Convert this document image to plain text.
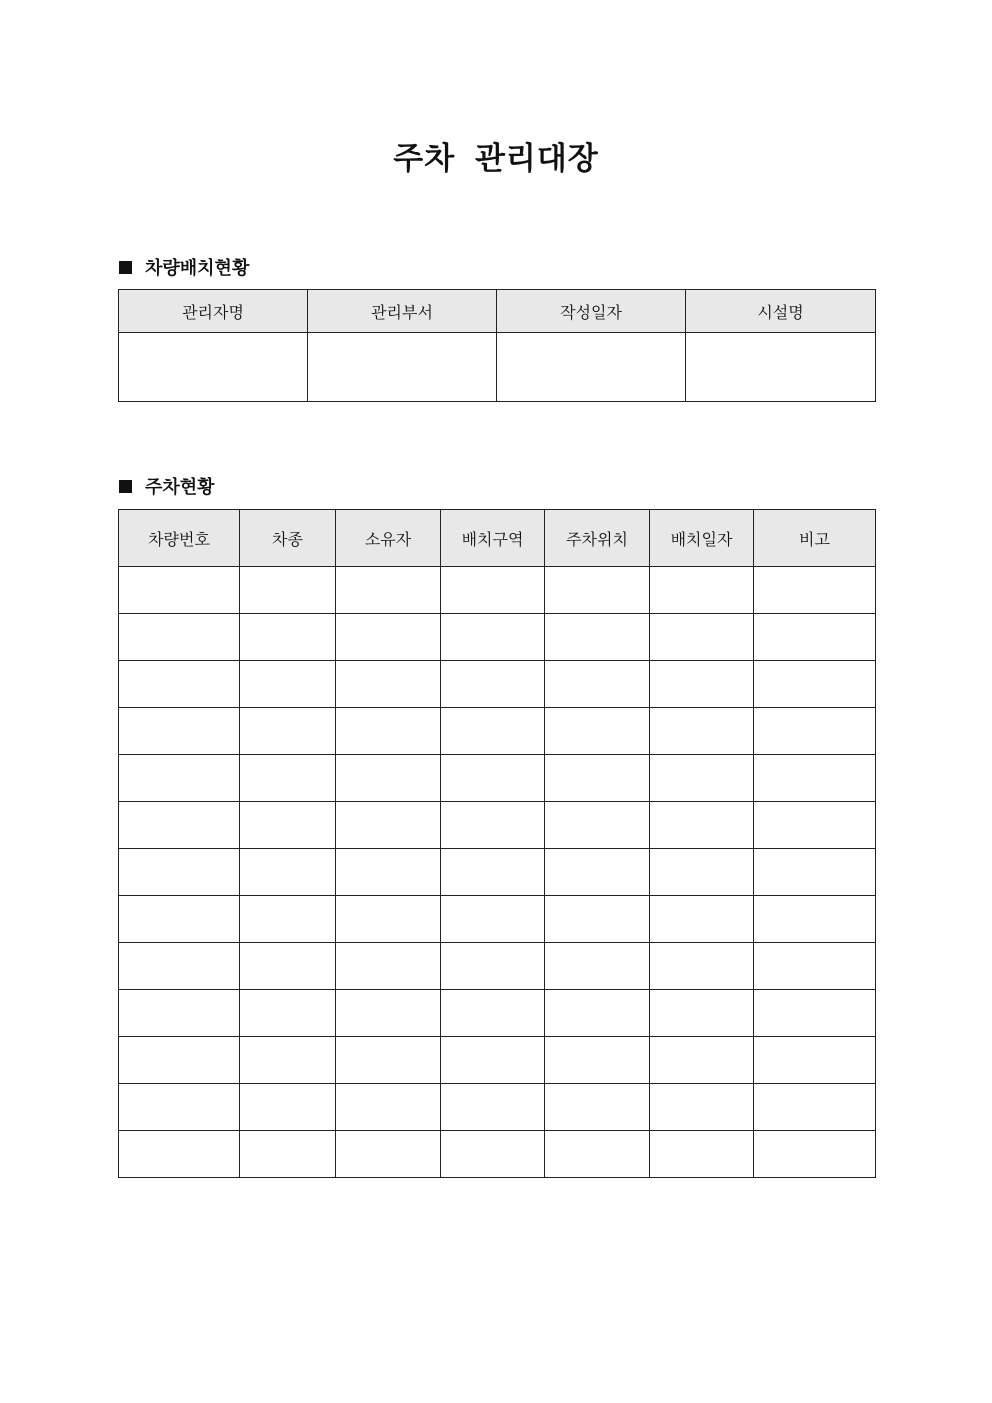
주차 관리대장
차량배치현황
관리자명	관리부서	작성일자	시설명

주차현황
차량번호	차종	소유자	배치구역	주차위치	배치일자	비고
